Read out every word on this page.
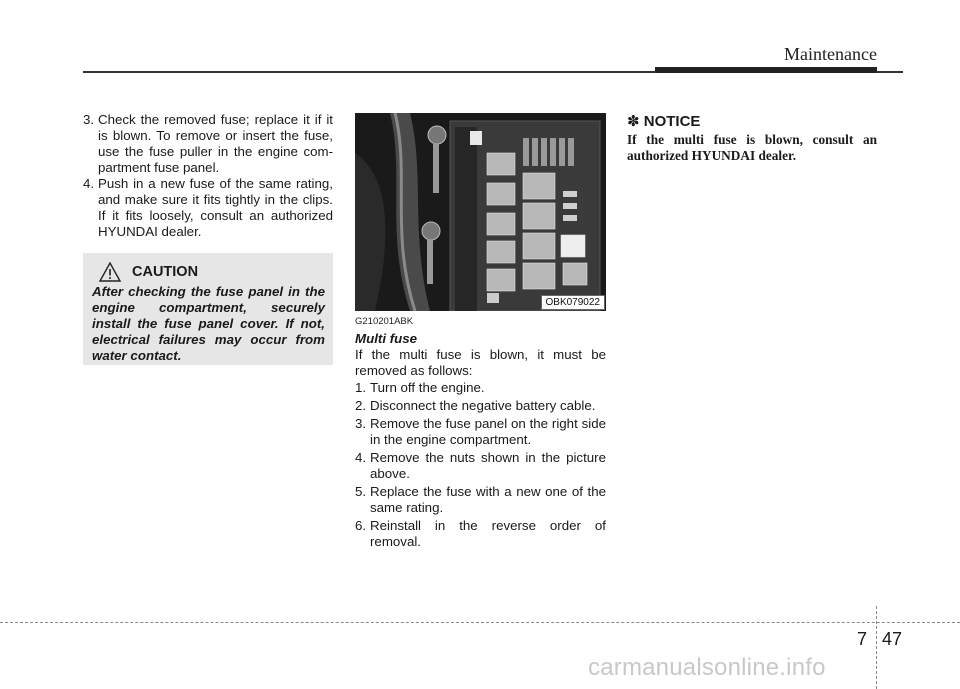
Maintenance
3. Check the removed fuse; replace it if it is blown. To remove or insert the fuse, use the fuse puller in the engine com-partment fuse panel.
4. Push in a new fuse of the same rating, and make sure it fits tightly in the clips. If it fits loosely, consult an authorized HYUNDAI dealer.
CAUTION
After checking the fuse panel in the engine compartment, securely install the fuse panel cover. If not, electrical failures may occur from water contact.
OBK079022
G210201ABK
Multi fuse
If the multi fuse is blown, it must be removed as follows:
1. Turn off the engine.
2. Disconnect the negative battery cable.
3. Remove the fuse panel on the right side in the engine compartment.
4. Remove the nuts shown in the picture above.
5. Replace the fuse with a new one of the same rating.
6. Reinstall in the reverse order of removal.
✽ NOTICE
If the multi fuse is blown, consult an authorized HYUNDAI dealer.
7 47
carmanualsonline.info
